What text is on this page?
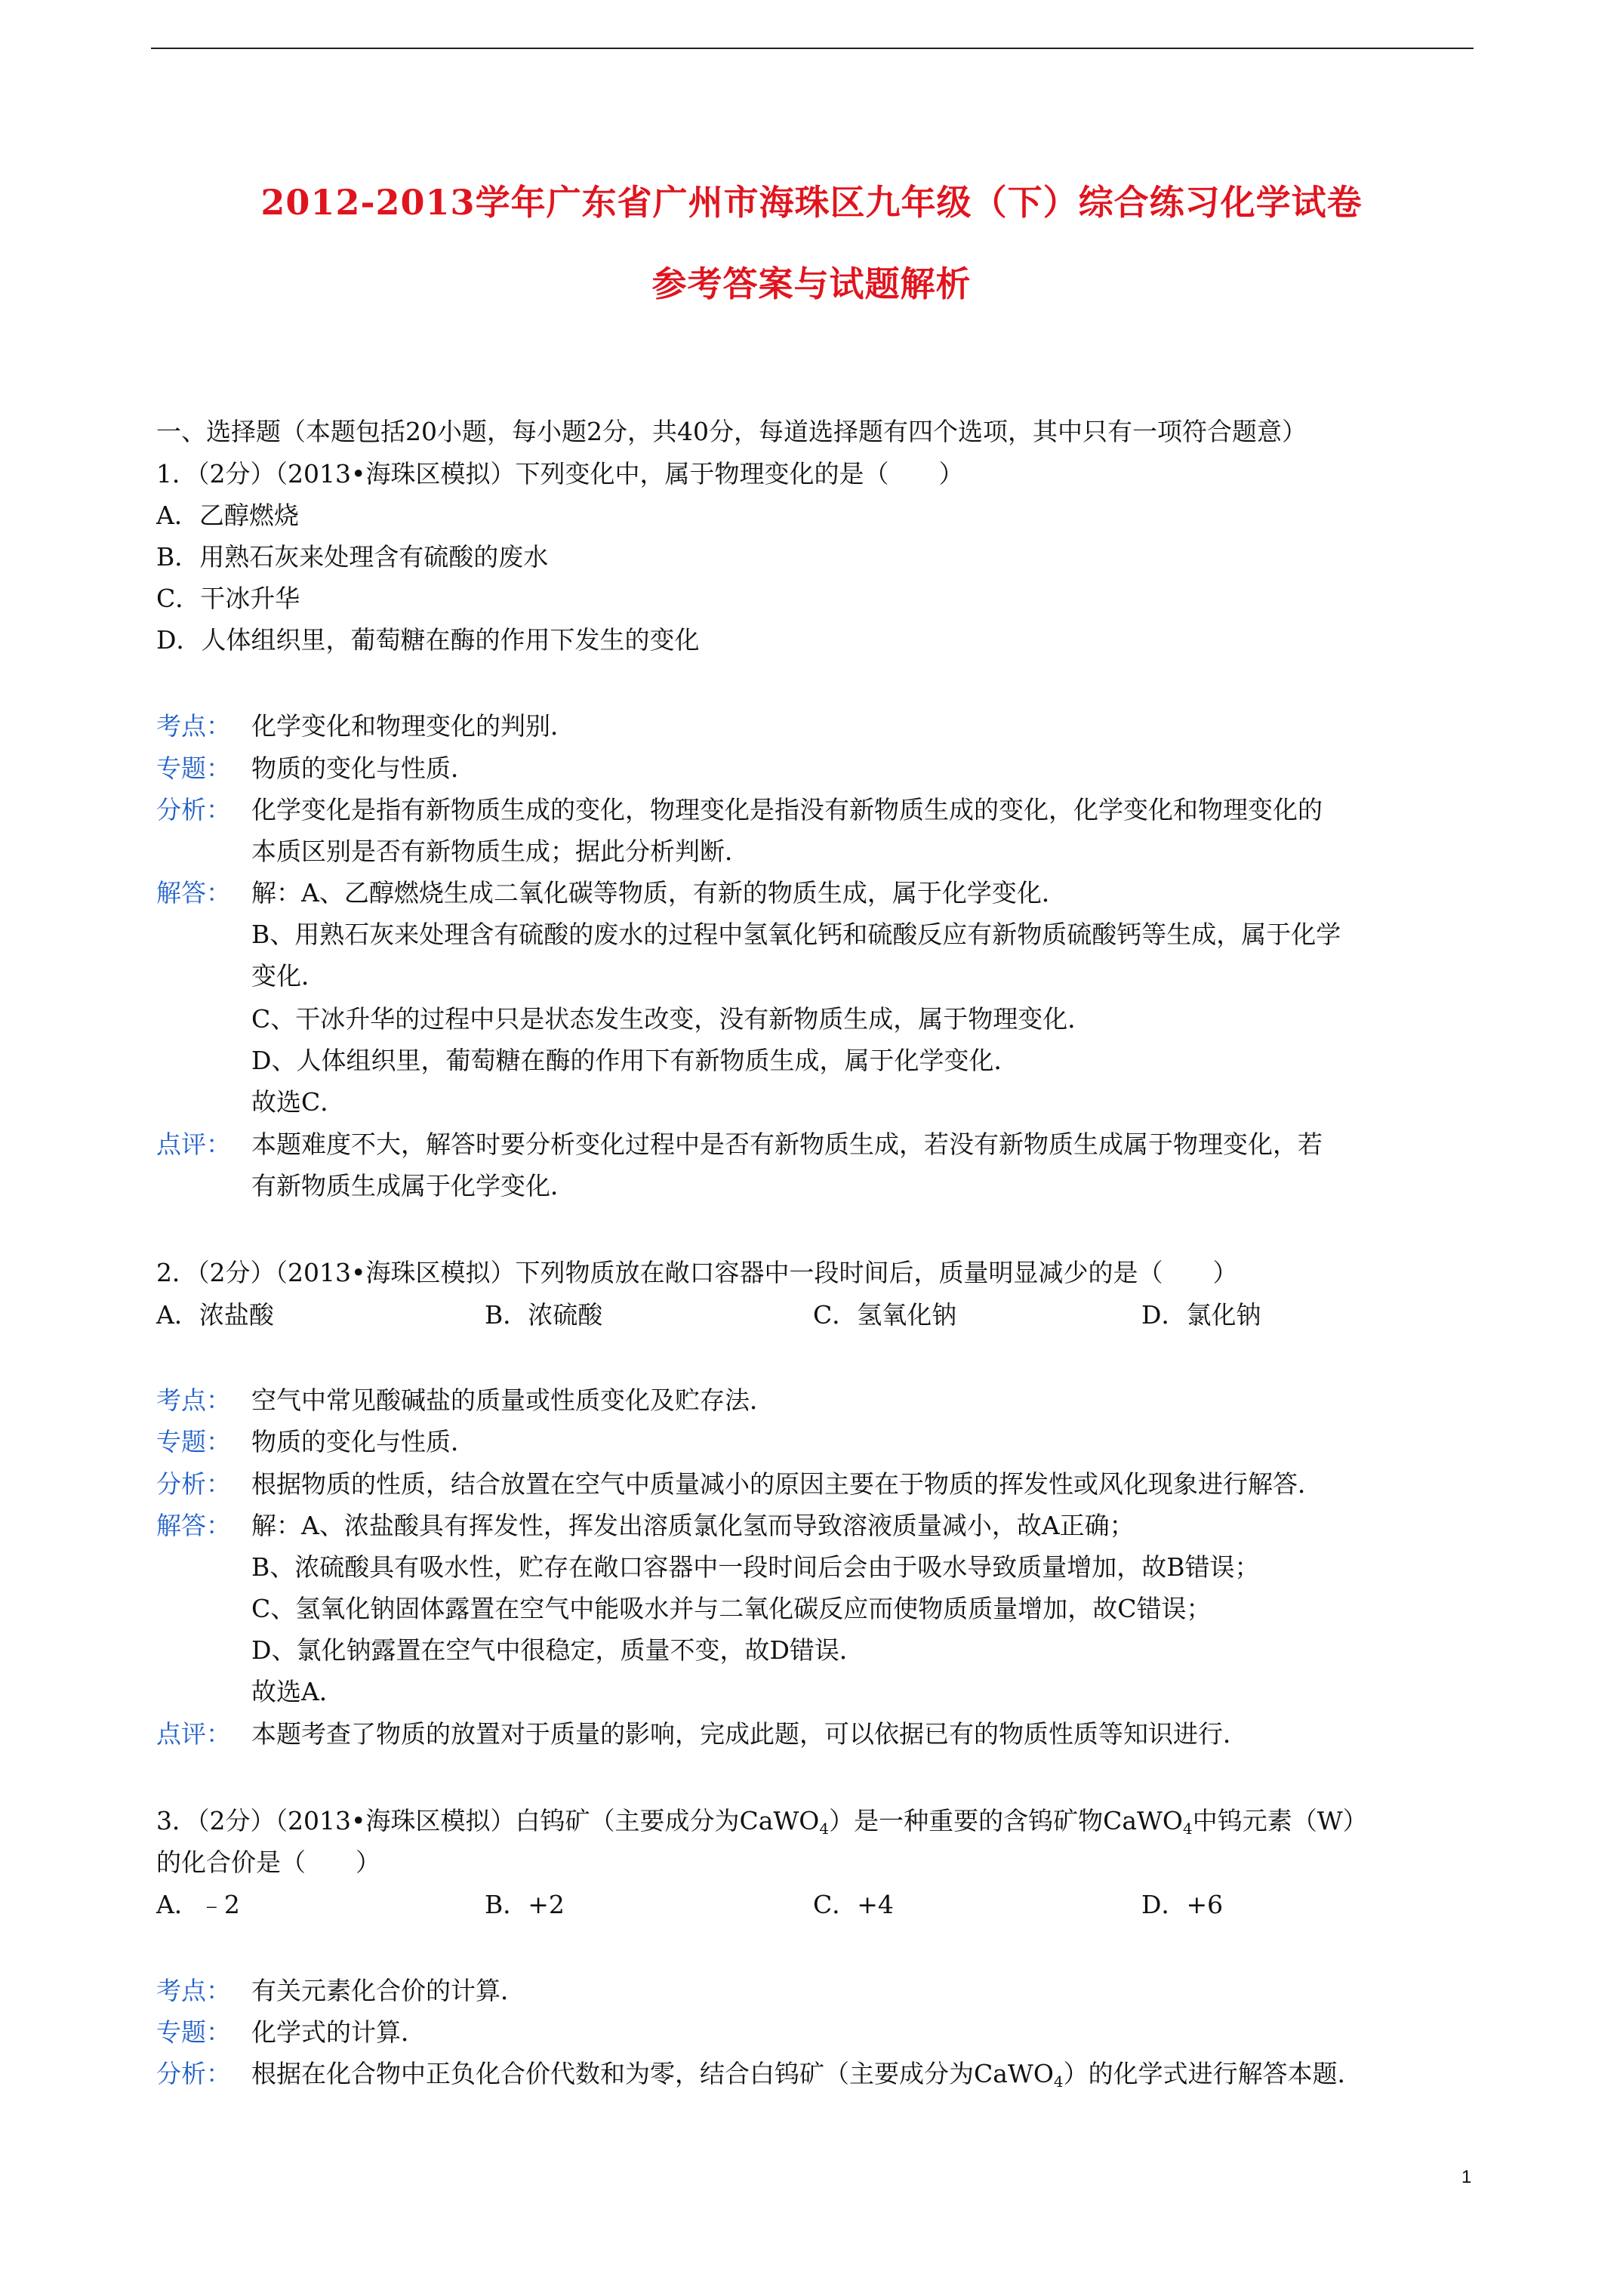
2012-2013学年广东省广州市海珠区九年级（下）综合练习化学试卷
参考答案与试题解析
一、选择题（本题包括20小题，每小题2分，共40分，每道选择题有四个选项，其中只有一项符合题意）
1．（2分）（2013•海珠区模拟）下列变化中，属于物理变化的是（　　）
A．乙醇燃烧
B．用熟石灰来处理含有硫酸的废水
C．干冰升华
D．人体组织里，葡萄糖在酶的作用下发生的变化
考点： 化学变化和物理变化的判别．
专题： 物质的变化与性质．
分析： 化学变化是指有新物质生成的变化，物理变化是指没有新物质生成的变化，化学变化和物理变化的
本质区别是否有新物质生成；据此分析判断．
解答： 解：A、乙醇燃烧生成二氧化碳等物质，有新的物质生成，属于化学变化．
B、用熟石灰来处理含有硫酸的废水的过程中氢氧化钙和硫酸反应有新物质硫酸钙等生成，属于化学
变化．
C、干冰升华的过程中只是状态发生改变，没有新物质生成，属于物理变化．
D、人体组织里，葡萄糖在酶的作用下有新物质生成，属于化学变化．
故选C．
点评： 本题难度不大，解答时要分析变化过程中是否有新物质生成，若没有新物质生成属于物理变化，若
有新物质生成属于化学变化．
2．（2分）（2013•海珠区模拟）下列物质放在敞口容器中一段时间后，质量明显减少的是（　　）
A．浓盐酸	B．浓硫酸	C．氢氧化钠	D．氯化钠
考点： 空气中常见酸碱盐的质量或性质变化及贮存法．
专题： 物质的变化与性质．
分析： 根据物质的性质，结合放置在空气中质量减小的原因主要在于物质的挥发性或风化现象进行解答．
解答： 解：A、浓盐酸具有挥发性，挥发出溶质氯化氢而导致溶液质量减小，故A正确；
B、浓硫酸具有吸水性，贮存在敞口容器中一段时间后会由于吸水导致质量增加，故B错误；
C、氢氧化钠固体露置在空气中能吸水并与二氧化碳反应而使物质质量增加，故C错误；
D、氯化钠露置在空气中很稳定，质量不变，故D错误．
故选A．
点评： 本题考查了物质的放置对于质量的影响，完成此题，可以依据已有的物质性质等知识进行．
3．（2分）（2013•海珠区模拟）白钨矿（主要成分为CaWO$_4$）是一种重要的含钨矿物CaWO$_4$中钨元素（W）
的化合价是（　　）
A．﹣2	B．+2	C．+4	D．+6
考点： 有关元素化合价的计算．
专题： 化学式的计算．
分析： 根据在化合物中正负化合价代数和为零，结合白钨矿（主要成分为CaWO$_4$）的化学式进行解答本题．
1
